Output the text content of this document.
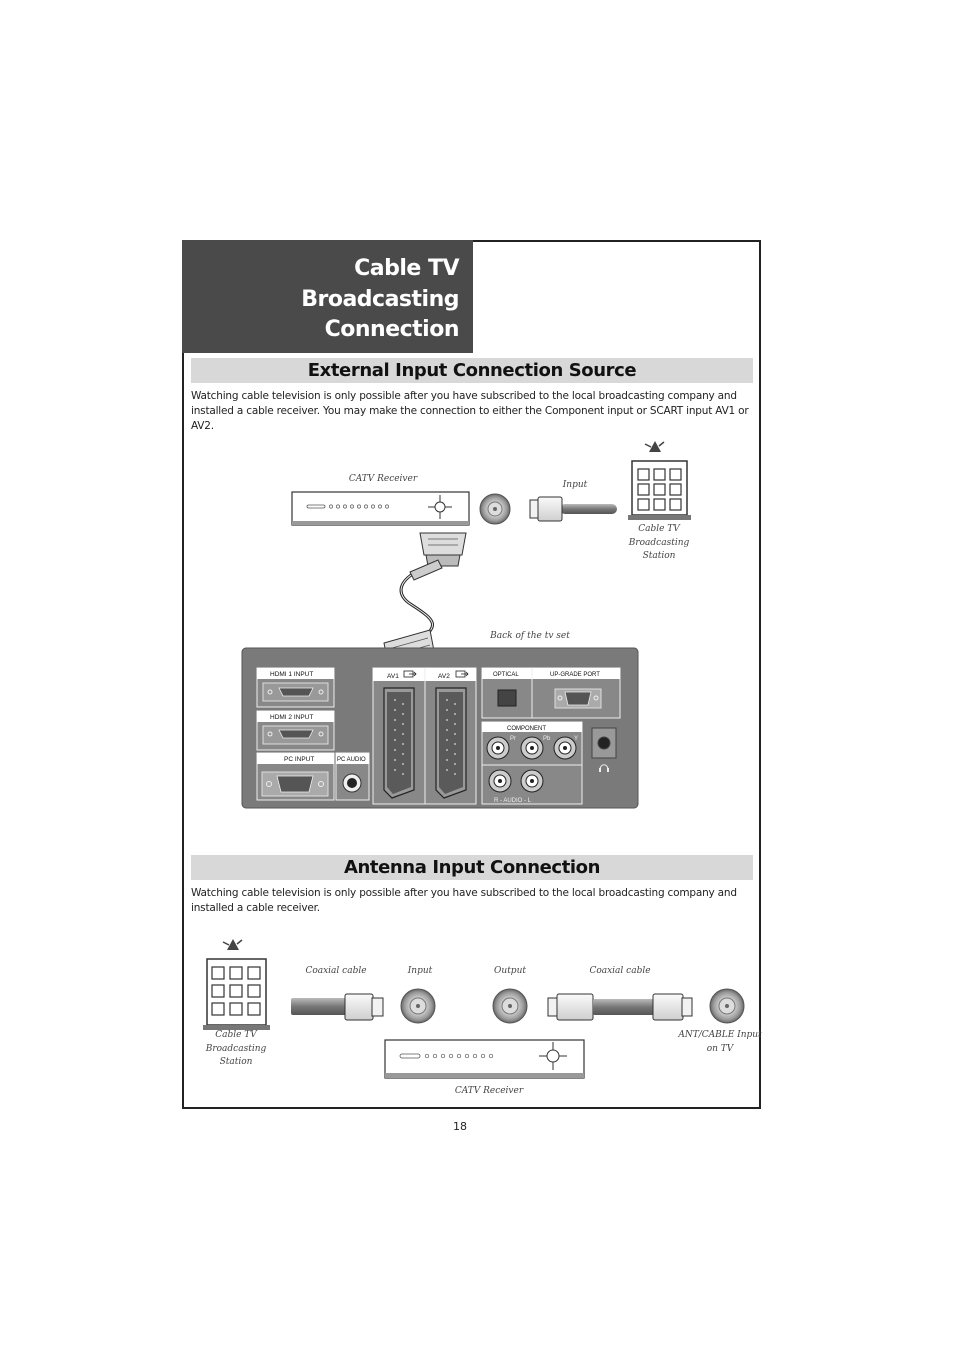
Cable TV
Broadcasting
Connection
External Input Connection Source
Watching cable television is only possible after you have subscribed to the local broadcasting company and installed a cable receiver. You may make the connection to either the Component input or SCART input AV1 or AV2.
HDMI 1 INPUT
HDMI 2 INPUT
PC INPUT	PC AUDIO
AV1	AV2	OPTICAL	UP-GRADE PORT
COMPONENT
Pr	Pb	Y
R - AUDIO - L
CATV Receiver
Input
Cable TV
Broadcasting
Station
Back of the tv set
Antenna Input Connection
Watching cable television is only possible after you have subscribed to the local broadcasting company and installed a cable receiver.
Coaxial cable	Input	Output	Coaxial cable
Cable TV
Broadcasting
Station
ANT/CABLE Input
on TV
CATV Receiver
18
